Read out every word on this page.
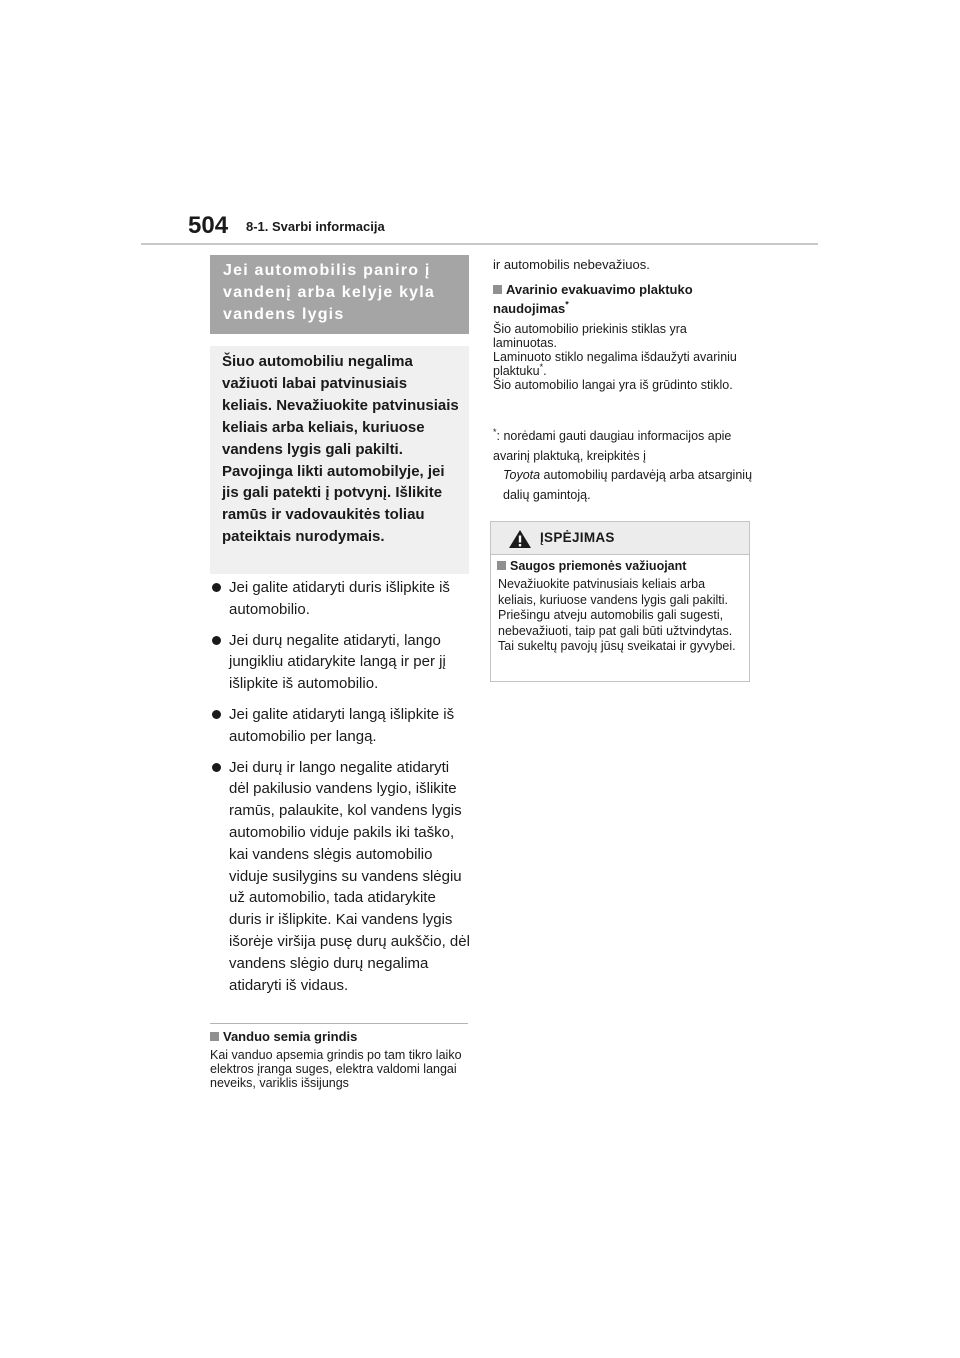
504 8-1. Svarbi informacija
Jei automobilis paniro į vandenį arba kelyje kyla vandens lygis

Šiuo automobiliu negalima važiuoti labai patvinusiais keliais. Nevažiuokite patvinusiais keliais arba keliais, kuriuose vandens lygis gali pakilti. Pavojinga likti automobilyje, jei jis gali patekti į potvynį. Išlikite ramūs ir vadovaukitės toliau pateiktais nurodymais.

Jei galite atidaryti duris išlipkite iš automobilio.
Jei durų negalite atidaryti, lango jungikliu atidarykite langą ir per jį išlipkite iš automobilio.
Jei galite atidaryti langą išlipkite iš automobilio per langą.
Jei durų ir lango negalite atidaryti dėl pakilusio vandens lygio, išlikite ramūs, palaukite, kol vandens lygis automobilio viduje pakils iki taško, kai vandens slėgis automobilio viduje susilygins su vandens slėgiu už automobilio, tada atidarykite duris ir išlipkite. Kai vandens lygis išorėje viršija pusę durų aukščio, dėl vandens slėgio durų negalima atidaryti iš vidaus.
Vanduo semia grindis

Kai vanduo apsemia grindis po tam tikro laiko elektros įranga suges, elektra valdomi langai neveiks, variklis išsijungs

ir automobilis nebevažiuos.

Avarinio evakuavimo plaktuko
naudojimas*
Šio automobilio priekinis stiklas yra laminuotas.
Laminuoto stiklo negalima išdaužyti avariniu plaktuku*.
Šio automobilio langai yra iš grūdinto stiklo.
*: norėdami gauti daugiau informacijos apie avarinį plaktuką, kreipkitės į
Toyota automobilių pardavėją arba atsarginių dalių gamintoją.
ĮSPĖJIMAS
Saugos priemonės važiuojant

Nevažiuokite patvinusiais keliais arba keliais, kuriuose vandens lygis gali pakilti. Priešingu atveju automobilis gali sugesti, nebevažiuoti, taip pat gali būti užtvindytas. Tai sukeltų pavojų jūsų sveikatai ir gyvybei.
